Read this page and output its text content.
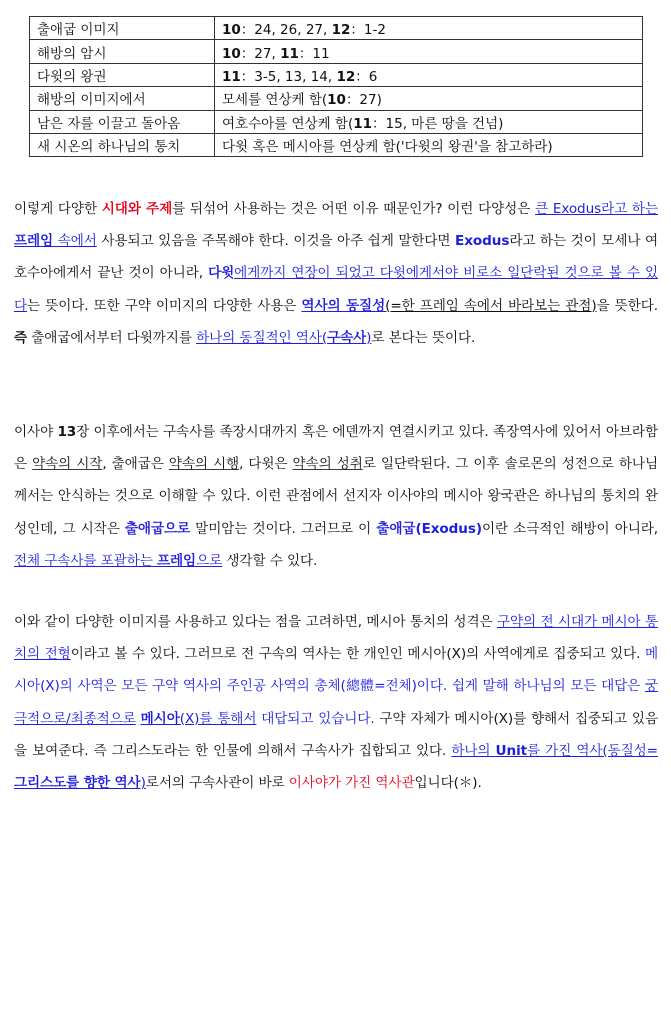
출애굽 이미지	10：24, 26, 27, 12：1-2
해방의 암시	10：27, 11：11
다윗의 왕권	11：3-5, 13, 14, 12：6
해방의 이미지에서	모세를 연상케 함(10：27)
남은 자를 이끌고 돌아옴	여호수아를 연상케 함(11：15, 마른 땅을 건넘)
새 시온의 하나님의 통치	다윗 혹은 메시아를 연상케 함('다윗의 왕권'을 참고하라)

이렇게 다양한 시대와 주제를 뒤섞어 사용하는 것은 어떤 이유 때문인가? 이런 다양성은 큰 Exodus라고 하는 프레임 속에서 사용되고 있음을 주목해야 한다. 이것을 아주 쉽게 말한다면 Exodus라고 하는 것이 모세나 여호수아에게서 끝난 것이 아니라, 다윗에게까지 연장이 되었고 다윗에게서야 비로소 일단락된 것으로 볼 수 있다는 뜻이다. 또한 구약 이미지의 다양한 사용은 역사의 동질성(=한 프레임 속에서 바라보는 관점)을 뜻한다. 즉 출애굽에서부터 다윗까지를 하나의 동질적인 역사(구속사)로 본다는 뜻이다.

이사야 13장 이후에서는 구속사를 족장시대까지 혹은 에덴까지 연결시키고 있다. 족장역사에 있어서 아브라함은 약속의 시작, 출애굽은 약속의 시행, 다윗은 약속의 성취로 일단락된다. 그 이후 솔로몬의 성전으로 하나님께서는 안식하는 것으로 이해할 수 있다. 이런 관점에서 선지자 이사야의 메시아 왕국관은 하나님의 통치의 완성인데, 그 시작은 출애굽으로 말미암는 것이다. 그러므로 이 출애굽(Exodus)이란 소극적인 해방이 아니라, 전체 구속사를 포괄하는 프레임으로 생각할 수 있다.

이와 같이 다양한 이미지를 사용하고 있다는 점을 고려하면, 메시아 통치의 성격은 구약의 전 시대가 메시아 통치의 전형이라고 볼 수 있다. 그러므로 전 구속의 역사는 한 개인인 메시아(X)의 사역에게로 집중되고 있다. 메시아(X)의 사역은 모든 구약 역사의 주인공 사역의 총체(總體=전체)이다. 쉽게 말해 하나님의 모든 대답은 궁극적으로/최종적으로 메시아(X)를 통해서 대답되고 있습니다. 구약 자체가 메시아(X)를 향해서 집중되고 있음을 보여준다. 즉 그리스도라는 한 인물에 의해서 구속사가 집합되고 있다. 하나의 Unit를 가진 역사(동질성=그리스도를 향한 역사)로서의 구속사관이 바로 이사야가 가진 역사관입니다(＊).
